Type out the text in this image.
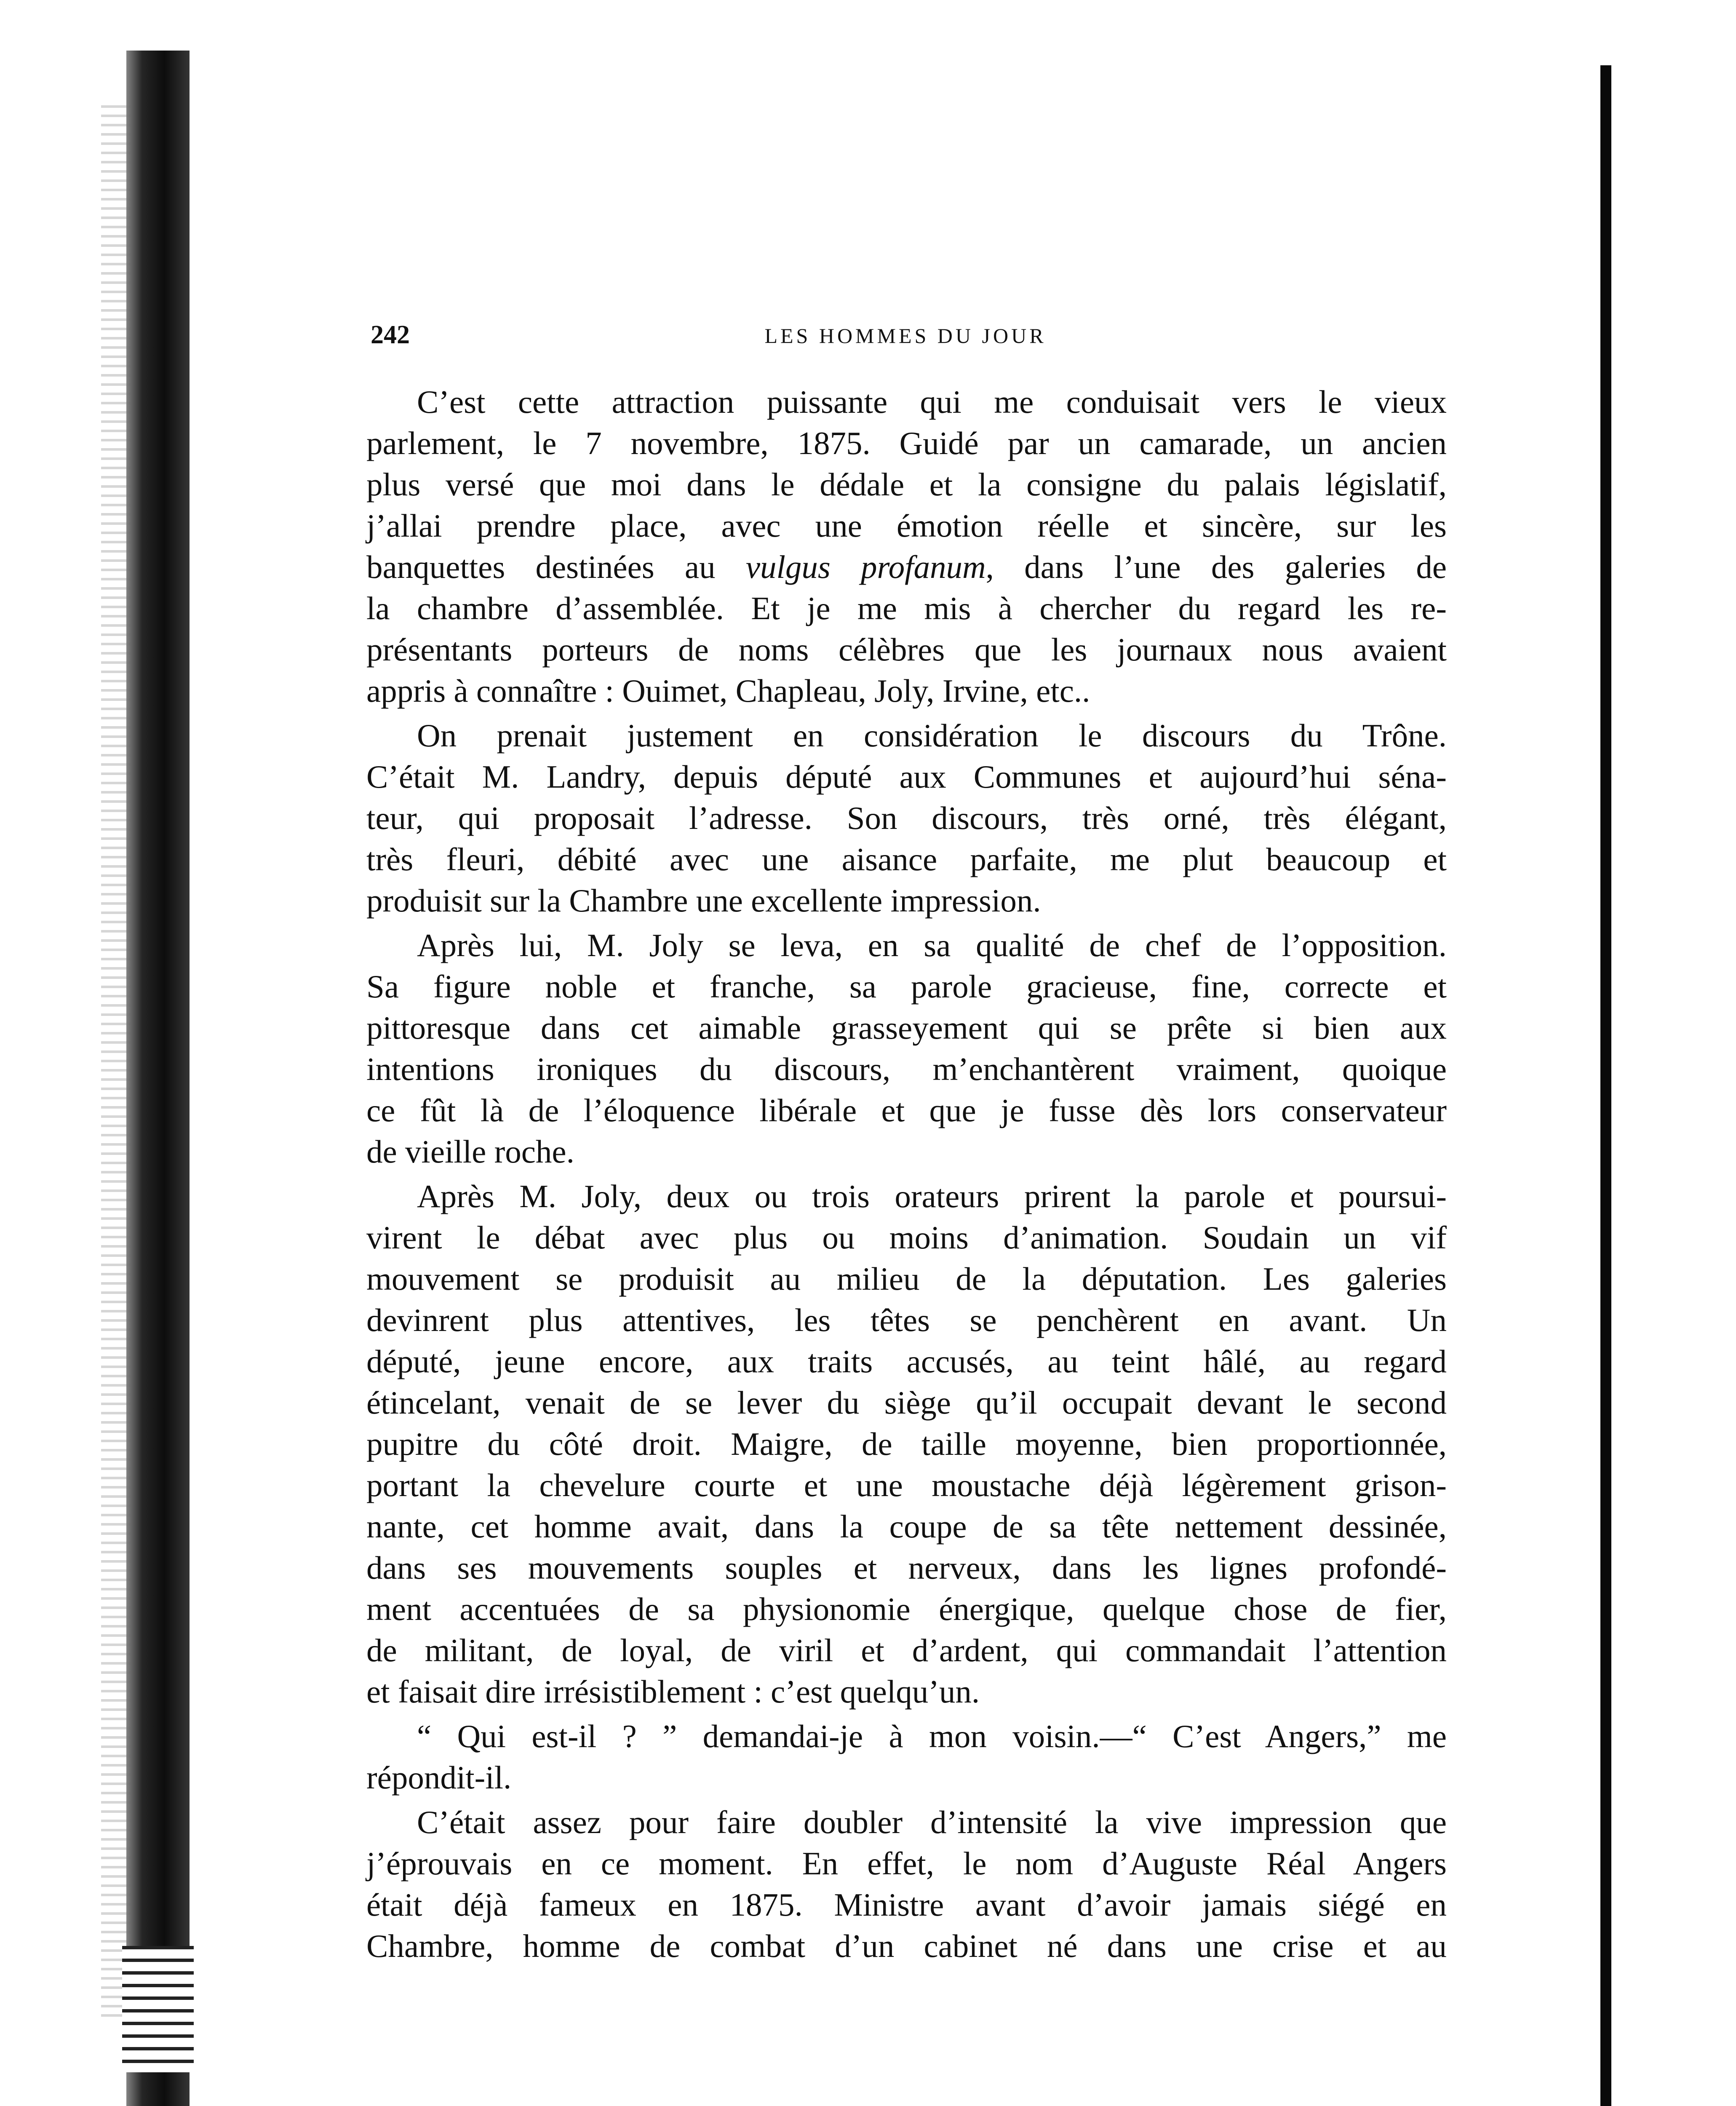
242	LES HOMMES DU JOUR
C’est cette attraction puissante qui me conduisait vers le vieux
parlement, le 7 novembre, 1875. Guidé par un camarade, un ancien
plus versé que moi dans le dédale et la consigne du palais législatif,
j’allai prendre place, avec une émotion réelle et sincère, sur les
banquettes destinées au vulgus profanum, dans l’une des galeries de
la chambre d’assemblée. Et je me mis à chercher du regard les re-
présentants porteurs de noms célèbres que les journaux nous avaient
appris à connaître : Ouimet, Chapleau, Joly, Irvine, etc..
On prenait justement en considération le discours du Trône.
C’était M. Landry, depuis député aux Communes et aujourd’hui séna-
teur, qui proposait l’adresse. Son discours, très orné, très élégant,
très fleuri, débité avec une aisance parfaite, me plut beaucoup et
produisit sur la Chambre une excellente impression.
Après lui, M. Joly se leva, en sa qualité de chef de l’opposition.
Sa figure noble et franche, sa parole gracieuse, fine, correcte et
pittoresque dans cet aimable grasseyement qui se prête si bien aux
intentions ironiques du discours, m’enchantèrent vraiment, quoique
ce fût là de l’éloquence libérale et que je fusse dès lors conservateur
de vieille roche.
Après M. Joly, deux ou trois orateurs prirent la parole et poursui-
virent le débat avec plus ou moins d’animation. Soudain un vif
mouvement se produisit au milieu de la députation. Les galeries
devinrent plus attentives, les têtes se penchèrent en avant. Un
député, jeune encore, aux traits accusés, au teint hâlé, au regard
étincelant, venait de se lever du siège qu’il occupait devant le second
pupitre du côté droit. Maigre, de taille moyenne, bien proportionnée,
portant la chevelure courte et une moustache déjà légèrement grison-
nante, cet homme avait, dans la coupe de sa tête nettement dessinée,
dans ses mouvements souples et nerveux, dans les lignes profondé-
ment accentuées de sa physionomie énergique, quelque chose de fier,
de militant, de loyal, de viril et d’ardent, qui commandait l’attention
et faisait dire irrésistiblement : c’est quelqu’un.
“ Qui est-il ? ” demandai-je à mon voisin.—“ C’est Angers,” me
répondit-il.
C’était assez pour faire doubler d’intensité la vive impression que
j’éprouvais en ce moment. En effet, le nom d’Auguste Réal Angers
était déjà fameux en 1875. Ministre avant d’avoir jamais siégé en
Chambre, homme de combat d’un cabinet né dans une crise et au
